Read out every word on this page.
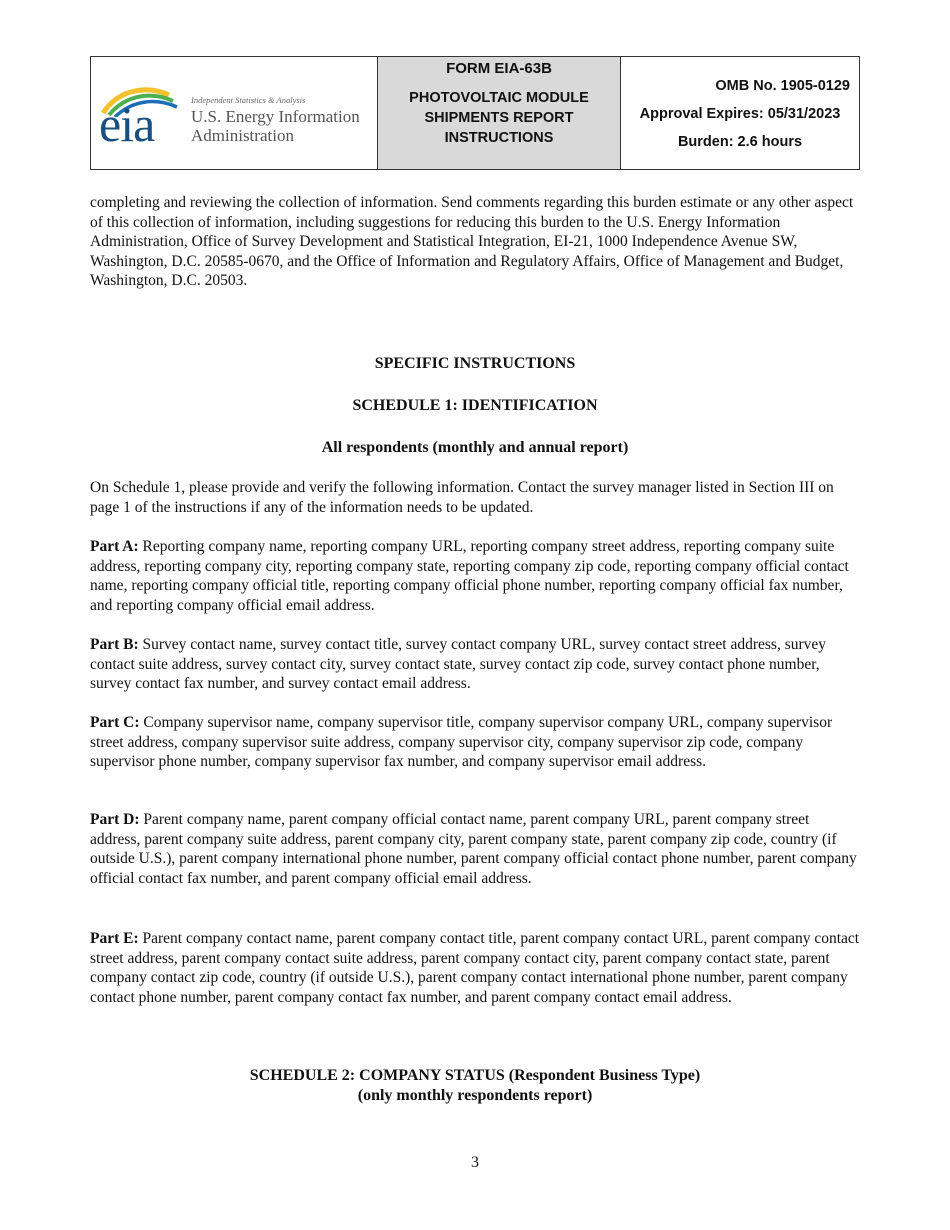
eia	Independent Statistics & Analysis
U.S. Energy Information
Administration
FORM EIA-63B
PHOTOVOLTAIC MODULE
SHIPMENTS REPORT
INSTRUCTIONS
OMB No. 1905-0129
Approval Expires: 05/31/2023
Burden: 2.6 hours
completing and reviewing the collection of information. Send comments regarding this burden estimate or any other aspect of this collection of information, including suggestions for reducing this burden to the U.S. Energy Information Administration, Office of Survey Development and Statistical Integration, EI-21, 1000 Independence Avenue SW, Washington, D.C. 20585-0670, and the Office of Information and Regulatory Affairs, Office of Management and Budget, Washington, D.C. 20503.
SPECIFIC INSTRUCTIONS
SCHEDULE 1: IDENTIFICATION
All respondents (monthly and annual report)
On Schedule 1, please provide and verify the following information. Contact the survey manager listed in Section III on page 1 of the instructions if any of the information needs to be updated.
Part A: Reporting company name, reporting company URL, reporting company street address, reporting company suite address, reporting company city, reporting company state, reporting company zip code, reporting company official contact name, reporting company official title, reporting company official phone number, reporting company official fax number, and reporting company official email address.
Part B: Survey contact name, survey contact title, survey contact company URL, survey contact street address, survey contact suite address, survey contact city, survey contact state, survey contact zip code, survey contact phone number, survey contact fax number, and survey contact email address.
Part C: Company supervisor name, company supervisor title, company supervisor company URL, company supervisor street address, company supervisor suite address, company supervisor city, company supervisor zip code, company supervisor phone number, company supervisor fax number, and company supervisor email address.
Part D: Parent company name, parent company official contact name, parent company URL, parent company street address, parent company suite address, parent company city, parent company state, parent company zip code, country (if outside U.S.), parent company international phone number, parent company official contact phone number, parent company official contact fax number, and parent company official email address.
Part E: Parent company contact name, parent company contact title, parent company contact URL, parent company contact street address, parent company contact suite address, parent company contact city, parent company contact state, parent company contact zip code, country (if outside U.S.), parent company contact international phone number, parent company contact phone number, parent company contact fax number, and parent company contact email address.
SCHEDULE 2: COMPANY STATUS (Respondent Business Type)
(only monthly respondents report)
3
